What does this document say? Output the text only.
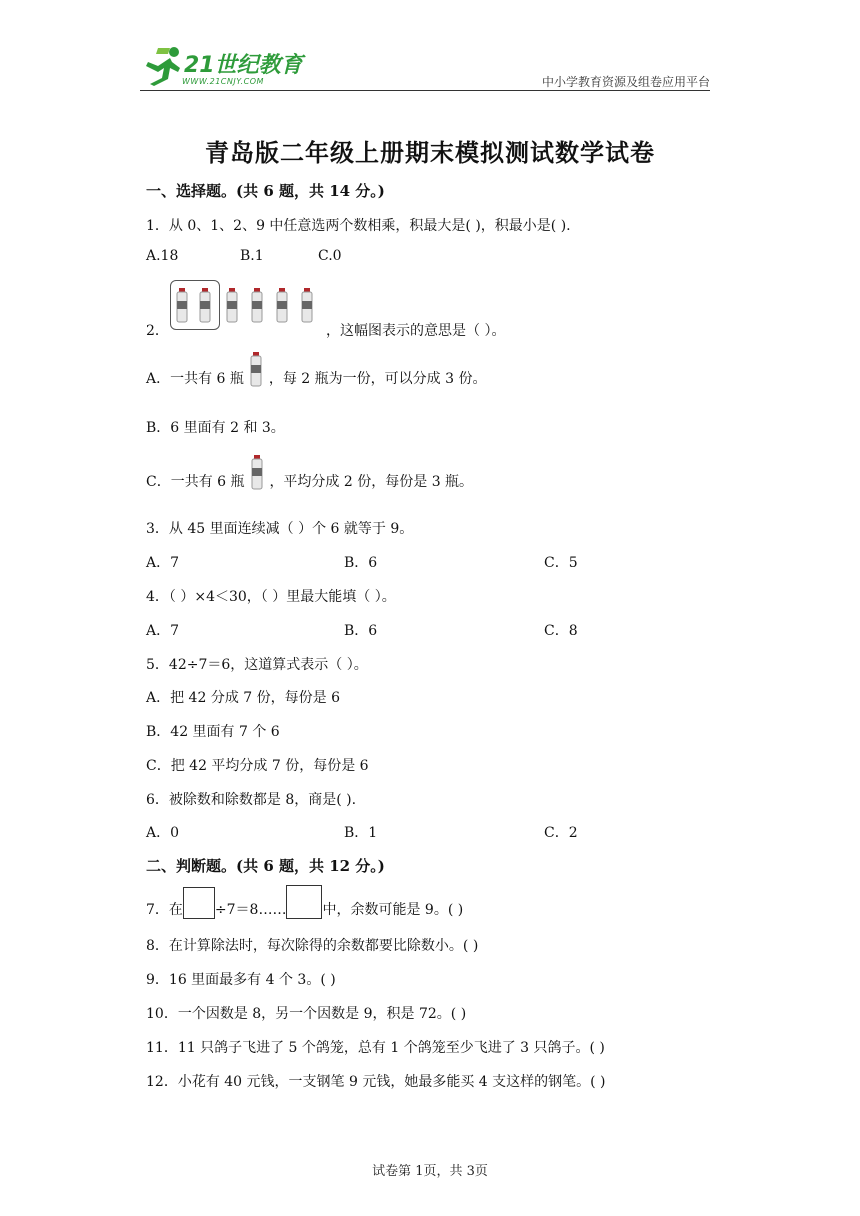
21世纪教育
WWW.21CNJY.COM	中小学教育资源及组卷应用平台
青岛版二年级上册期末模拟测试数学试卷
一、选择题。(共 6 题，共 14 分。)
1．从 0、1、2、9 中任意选两个数相乘，积最大是( )，积最小是( ).
A.18	B.1	C.0
2．	，这幅图表示的意思是（ ）。
A．一共有 6 瓶 ，每 2 瓶为一份，可以分成 3 份。
B．6 里面有 2 和 3。
C．一共有 6 瓶 ，平均分成 2 份，每份是 3 瓶。
3．从 45 里面连续减（ ）个 6 就等于 9。
A．7	B．6	C．5
4．（ ）×4＜30，（ ）里最大能填（ ）。
A．7	B．6	C．8
5．42÷7＝6，这道算式表示（ ）。
A．把 42 分成 7 份，每份是 6
B．42 里面有 7 个 6
C．把 42 平均分成 7 份，每份是 6
6．被除数和除数都是 8，商是( ).
A．0	B．1	C．2
二、判断题。(共 6 题，共 12 分。)
7．在 ÷7＝8……	中，余数可能是 9。( )
8．在计算除法时，每次除得的余数都要比除数小。( )
9．16 里面最多有 4 个 3。( )
10．一个因数是 8，另一个因数是 9，积是 72。( )
11．11 只鸽子飞进了 5 个鸽笼，总有 1 个鸽笼至少飞进了 3 只鸽子。( )
12．小花有 40 元钱，一支钢笔 9 元钱，她最多能买 4 支这样的钢笔。( )
试卷第 1页，共 3页
